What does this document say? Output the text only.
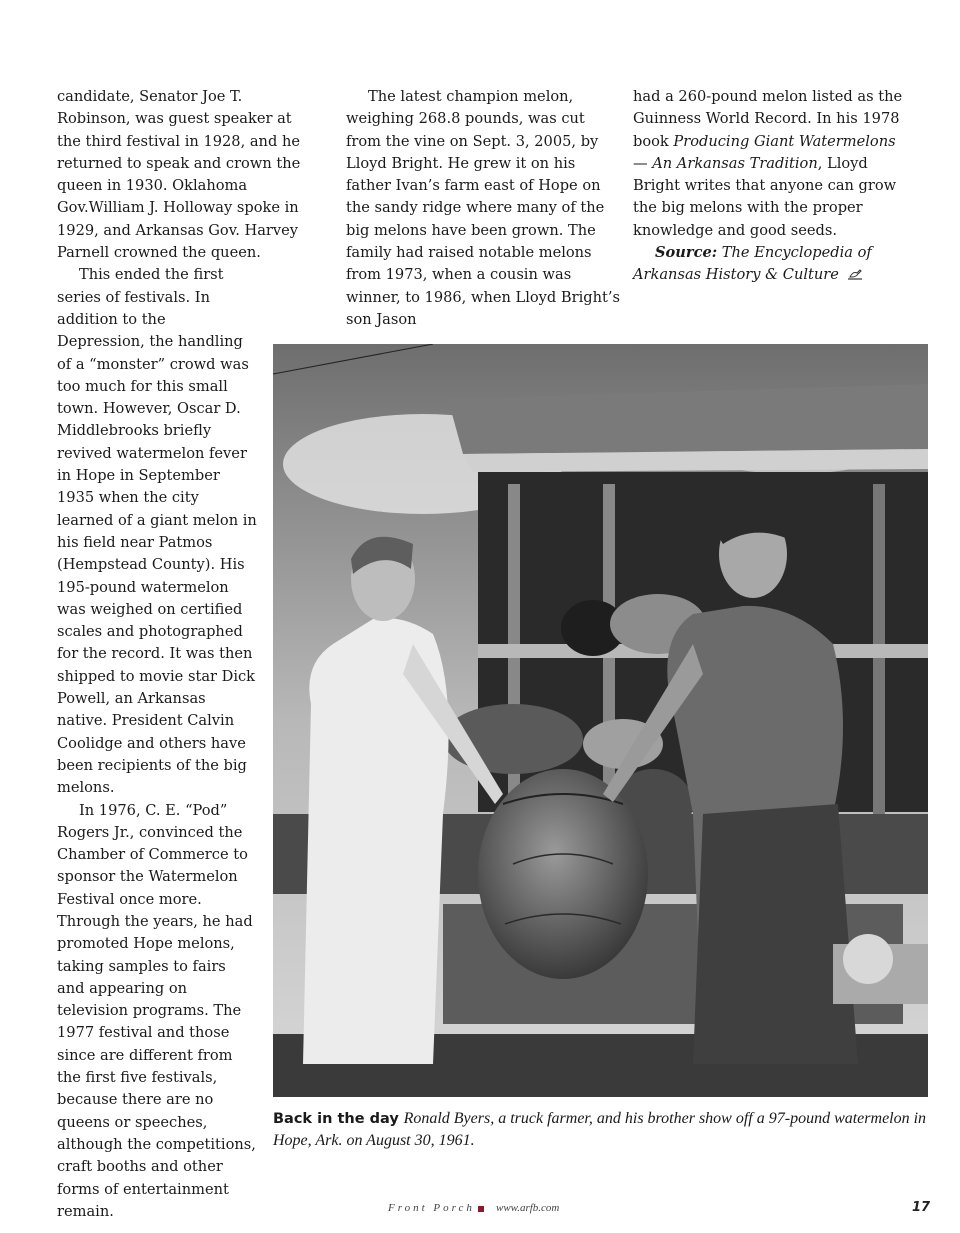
candidate, Senator Joe T. Robinson, was guest speaker at the third festival in 1928, and he returned to speak and crown the queen in 1930. Oklahoma Gov.William J. Holloway spoke in 1929, and Arkansas Gov. Harvey Parnell crowned the queen.

This ended the first series of festivals. In addition to the Depression, the handling of a “monster” crowd was

too much for this small town. However, Oscar D. Middlebrooks briefly revived watermelon fever in Hope in September 1935 when the city learned of a giant melon in his field near Patmos (Hempstead County). His 195-pound watermelon was weighed on certified scales and photographed for the record. It was then shipped to movie star Dick Powell, an Arkansas native. President Calvin Coolidge and others have been recipients of the big melons.

In 1976, C. E. “Pod” Rogers Jr., convinced the Chamber of Commerce to sponsor the Watermelon Festival once more. Through the years, he had promoted Hope melons, taking samples to fairs and appearing on television programs. The 1977 festival and those since are different from the first five festivals, because there are no queens or speeches, although the competitions, craft booths and other forms of entertainment remain.

The latest champion melon, weighing 268.8 pounds, was cut from the vine on Sept. 3, 2005, by Lloyd Bright. He grew it on his father Ivan’s farm east of Hope on the sandy ridge where many of the big melons have been grown. The family had raised notable melons from 1973, when a cousin was winner, to 1986, when Lloyd Bright’s son Jason

had a 260-pound melon listed as the Guinness World Record. In his 1978 book Producing Giant Watermelons — An Arkansas Tradition, Lloyd Bright writes that anyone can grow the big melons with the proper knowledge and good seeds.

Source: The Encyclopedia of Arkansas History & Culture

Back in the day Ronald Byers, a truck farmer, and his brother show off a 97-pound watermelon in Hope, Ark. on August 30, 1961.
Front Porch www.arfb.com	17
